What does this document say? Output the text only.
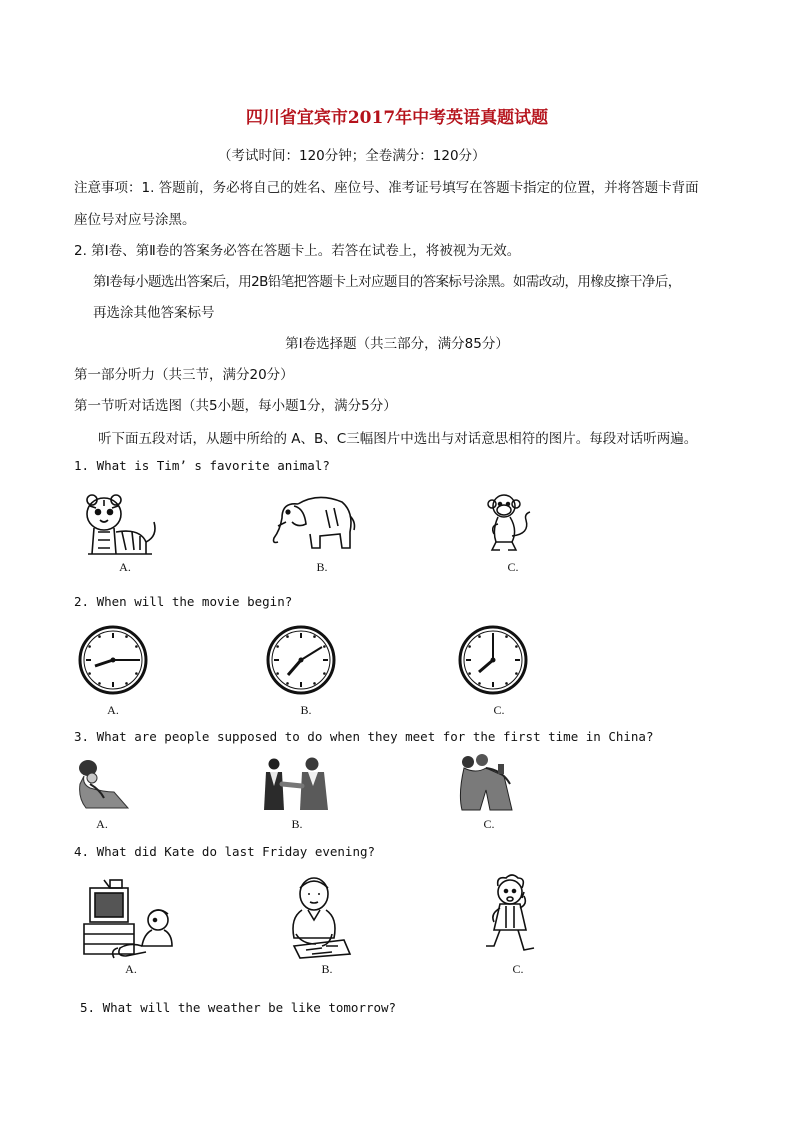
四川省宜宾市2017年中考英语真题试题
（考试时间：120分钟；全卷满分：120分）
注意事项：1. 答题前，务必将自己的姓名、座位号、准考证号填写在答题卡指定的位置，并将答题卡背面
座位号对应号涂黑。
2. 第Ⅰ卷、第Ⅱ卷的答案务必答在答题卡上。若答在试卷上，将被视为无效。
第Ⅰ卷每小题选出答案后，用2B铅笔把答题卡上对应题目的答案标号涂黑。如需改动，用橡皮擦干净后，
再选涂其他答案标号
第Ⅰ卷选择题（共三部分，满分85分）
第一部分听力（共三节，满分20分）
第一节听对话选图（共5小题，每小题1分，满分5分）
听下面五段对话，从题中所给的 A、B、C三幅图片中选出与对话意思相符的图片。每段对话听两遍。
1. What is Tim’ s favorite animal?
A.	B.	C.
2. When will the movie begin?
A.	B.	C.
3. What are people supposed to do when they meet for the first time in China?
A.	B.	C.
4. What did Kate do last Friday evening?
A.	B.	C.
5. What will the weather be like tomorrow?
